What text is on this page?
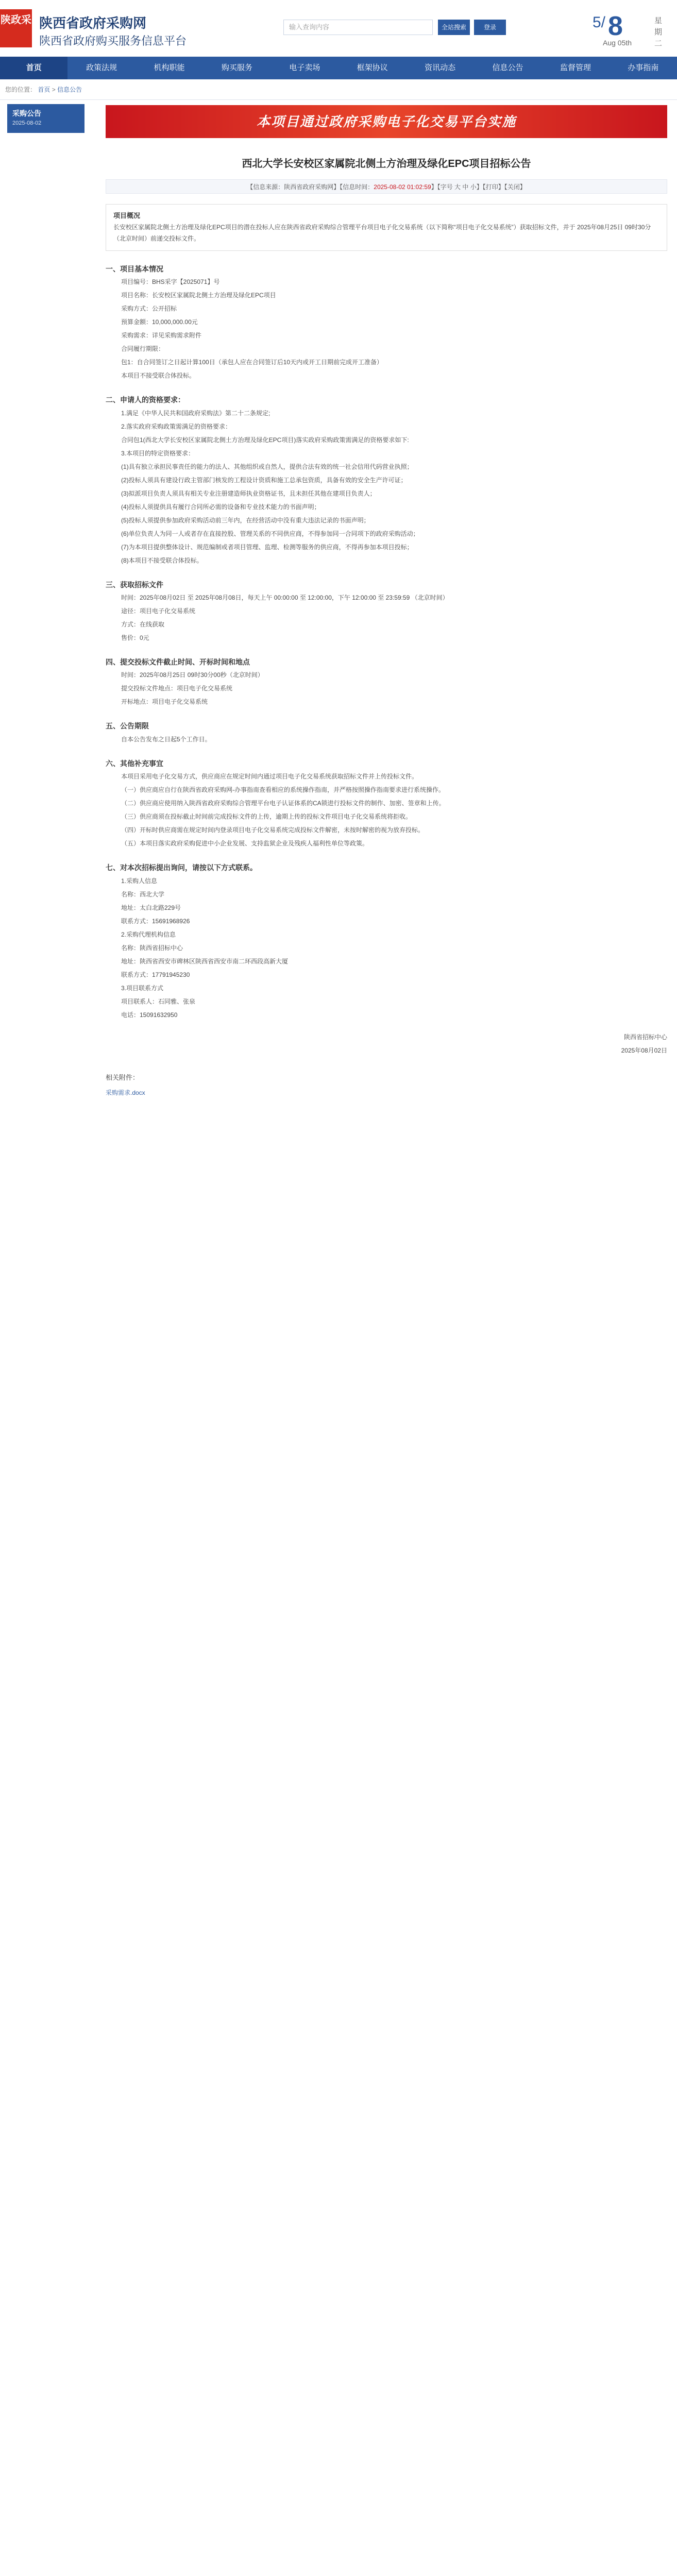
陕政采 陕西省政府采购网
陕西省政府购买服务信息平台
输入查询内容	全站搜索	登录	5/ 8
Aug 05th
星期二
首页	政策法规	机构职能	购买服务	电子卖场	框架协议	资讯动态	信息公告	监督管理	办事指南
您的位置： 首页 > 信息公告
采购公告
2025-08-02	本项目通过政府采购电子化交易平台实施
西北大学长安校区家属院北侧土方治理及绿化EPC项目招标公告
【信息来源：陕西省政府采购网】【信息时间：2025-08-02 01:02:59】【字号 大 中 小】【打印】【关闭】
项目概况

长安校区家属院北侧土方治理及绿化EPC项目的潜在投标人应在陕西省政府采购综合管理平台项目电子化交易系统（以下简称“项目电子化交易系统”）获取招标文件，并于 2025年08月25日 09时30分 （北京时间）前递交投标文件。

一、项目基本情况

项目编号：BHS采字【2025071】号

项目名称：长安校区家属院北侧土方治理及绿化EPC项目

采购方式：公开招标

预算金额：10,000,000.00元

采购需求：详见采购需求附件

合同履行期限：

包1：自合同签订之日起计算100日（承包人应在合同签订后10天内或开工日期前完成开工准备）

本项目不接受联合体投标。

二、申请人的资格要求：

1.满足《中华人民共和国政府采购法》第二十二条规定;

2.落实政府采购政策需满足的资格要求：

合同包1(西北大学长安校区家属院北侧土方治理及绿化EPC项目)落实政府采购政策需满足的资格要求如下:

3.本项目的特定资格要求：

(1)具有独立承担民事责任的能力的法人、其他组织或自然人，提供合法有效的统一社会信用代码营业执照；

(2)投标人须具有建设行政主管部门核发的工程设计资质和施工总承包资质，具备有效的安全生产许可证；

(3)拟派项目负责人须具有相关专业注册建造师执业资格证书，且未担任其他在建项目负责人；

(4)投标人须提供具有履行合同所必需的设备和专业技术能力的书面声明；

(5)投标人须提供参加政府采购活动前三年内，在经营活动中没有重大违法记录的书面声明；

(6)单位负责人为同一人或者存在直接控股、管理关系的不同供应商，不得参加同一合同项下的政府采购活动；

(7)为本项目提供整体设计、规范编制或者项目管理、监理、检测等服务的供应商，不得再参加本项目投标；

(8)本项目不接受联合体投标。

三、获取招标文件

时间：2025年08月02日 至 2025年08月08日，每天上午 00:00:00 至 12:00:00，下午 12:00:00 至 23:59:59 （北京时间）

途径：项目电子化交易系统

方式：在线获取

售价：0元

四、提交投标文件截止时间、开标时间和地点

时间：2025年08月25日 09时30分00秒（北京时间）

提交投标文件地点：项目电子化交易系统

开标地点：项目电子化交易系统

五、公告期限

自本公告发布之日起5个工作日。

六、其他补充事宜

本项目采用电子化交易方式，供应商应在规定时间内通过项目电子化交易系统获取招标文件并上传投标文件。

（一）供应商应自行在陕西省政府采购网-办事指南查看相应的系统操作指南，并严格按照操作指南要求进行系统操作。

（二）供应商应使用纳入陕西省政府采购综合管理平台电子认证体系的CA锁进行投标文件的制作、加密、签章和上传。

（三）供应商须在投标截止时间前完成投标文件的上传，逾期上传的投标文件项目电子化交易系统将拒收。

（四）开标时供应商需在规定时间内登录项目电子化交易系统完成投标文件解密，未按时解密的视为放弃投标。

（五）本项目落实政府采购促进中小企业发展、支持监狱企业及残疾人福利性单位等政策。

七、对本次招标提出询问，请按以下方式联系。

1.采购人信息

名称：西北大学

地址：太白北路229号

联系方式：15691968926

2.采购代理机构信息

名称：陕西省招标中心

地址：陕西省西安市碑林区陕西省西安市南二环西段高新大厦

联系方式：17791945230

3.项目联系方式

项目联系人：石同雅、张泉

电话：15091632950

陕西省招标中心
2025年08月02日
相关附件：
采购需求.docx
